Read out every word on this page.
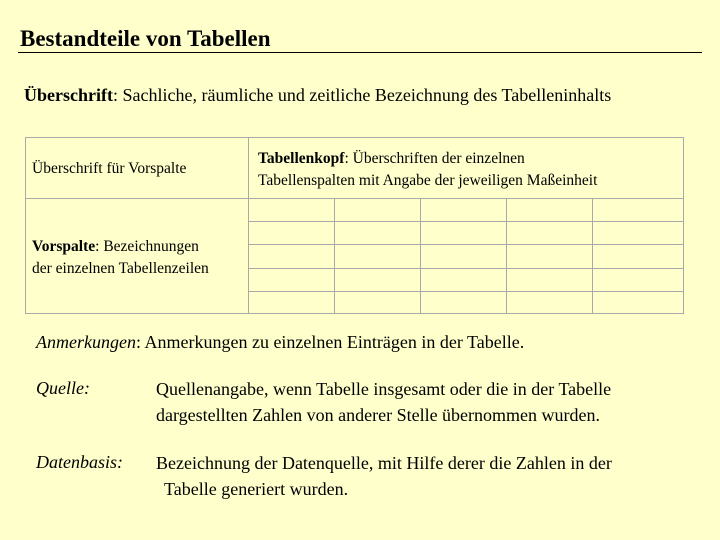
Bestandteile von Tabellen
Überschrift: Sachliche, räumliche und zeitliche Bezeichnung des Tabelleninhalts
Überschrift für Vorspalte
Tabellenkopf: Überschriften der einzelnen
Tabellenspalten mit Angabe der jeweiligen Maßeinheit
Vorspalte: Bezeichnungen
der einzelnen Tabellenzeilen
Anmerkungen: Anmerkungen zu einzelnen Einträgen in der Tabelle.
Quelle:	Quellenangabe, wenn Tabelle insgesamt oder die in der Tabelle
dargestellten Zahlen von anderer Stelle übernommen wurden.
Datenbasis: Bezeichnung der Datenquelle, mit Hilfe derer die Zahlen in der
Tabelle generiert wurden.
